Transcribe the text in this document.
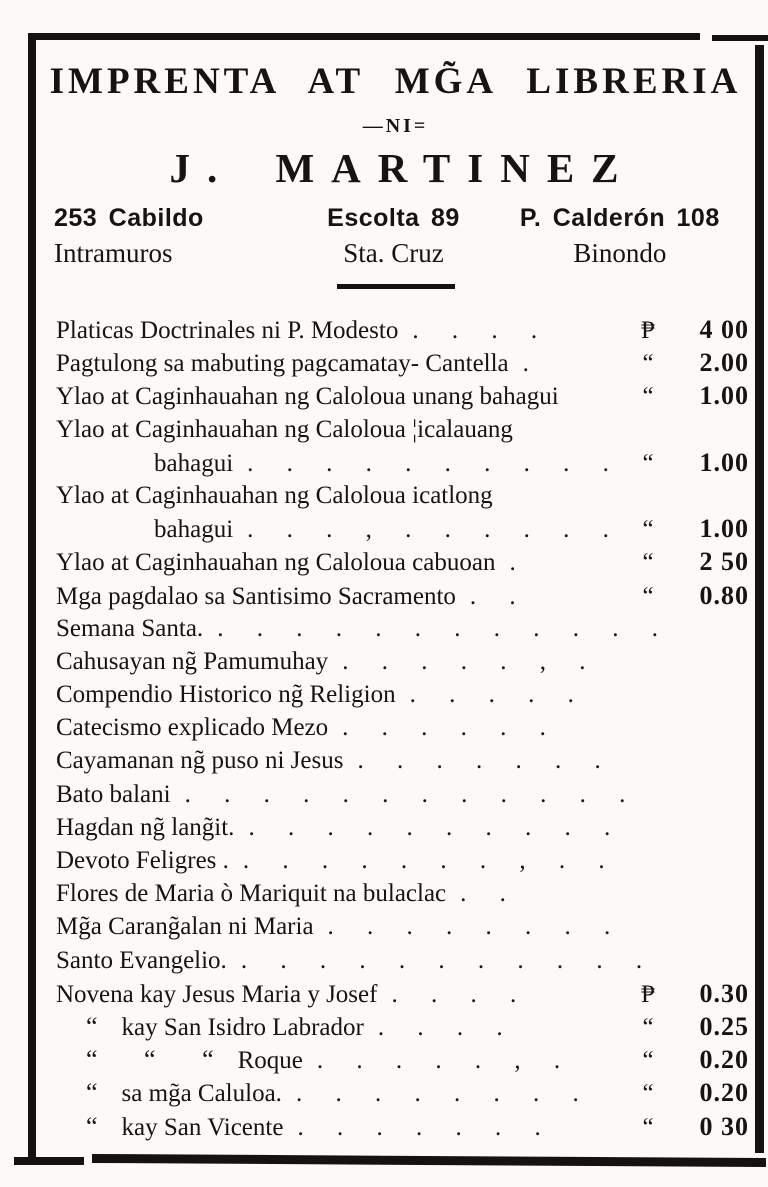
IMPRENTA AT MG̃A LIBRERIA
—NI=
J. MARTINEZ
253 Cabildo
Intramuros
Escolta 89
Sta. Cruz
P. Calderón 108
Binondo
Platicas Doctrinales ni P. Modesto . . . .	₱	4 00
Pagtulong sa mabuting pagcamatay- Cantella .	“	2.00
Ylao at Caginhauahan ng Caloloua unang bahagui	“	1.00
Ylao at Caginhauahan ng Caloloua ¦icalauang
bahagui . . . . . . . . . .	“	1.00
Ylao at Caginhauahan ng Caloloua icatlong
bahagui . . . , . . . . . .	“	1.00
Ylao at Caginhauahan ng Caloloua cabuoan .	“	2 50
Mga pagdalao sa Santisimo Sacramento . .	“	0.80
Semana Santa. . . . . . . . . . . . .
Cahusayan ng̃ Pamumuhay . . . . . , .
Compendio Historico ng̃ Religion . . . . .
Catecismo explicado Mezo . . . . . .
Cayamanan ng̃ puso ni Jesus . . . . . . .
Bato balani . . . . . . . . . . . .
Hagdan ng̃ lang̃it. . . . . . . . . . .
Devoto Feligres . . . . . . . . , . .
Flores de Maria ò Mariquit na bulaclac . .
Mg̃a Carang̃alan ni Maria . . . . . . . .
Santo Evangelio. . . . . . . . . . . .
Novena kay Jesus Maria y Josef . . . .	₱	0.30
“ kay San Isidro Labrador . . . .	“	0.25
“ “ “ Roque . . . . . , .	“	0.20
“ sa mg̃a Caluloa. . . . . . . . .	“	0.20
“ kay San Vicente . . . . . . .	“	0 30
